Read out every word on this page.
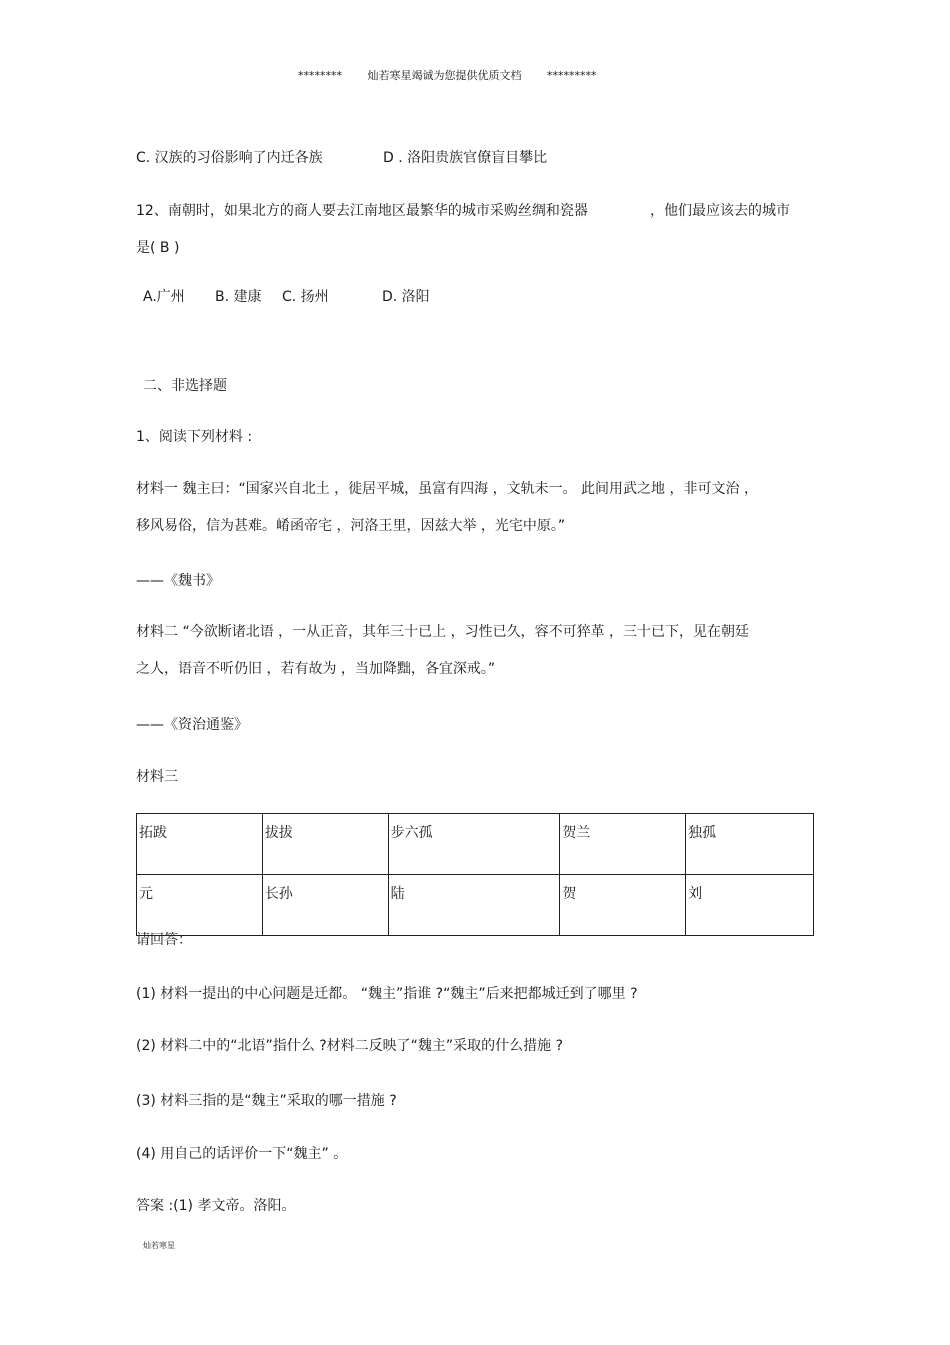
******** 灿若寒星竭诚为您提供优质文档 *********
C. 汉族的习俗影响了内迁各族	D . 洛阳贵族官僚盲目攀比
12、南朝时，如果北方的商人要去江南地区最繁华的城市采购丝绸和瓷器	，他们最应该去的城市
是( B )
A.广州 B. 建康 C. 扬州	D. 洛阳
二、非选择题
1、阅读下列材料 :
材料一 魏主曰：“国家兴自北土 ，徙居平城，虽富有四海 ，文轨未一。 此间用武之地 ，非可文治 ，
移风易俗，信为甚难。崤函帝宅 ，河洛王里，因兹大举 ，光宅中原。”
——《魏书》
材料二 “今欲断诸北语 ，一从正音，其年三十已上 ，习性已久，容不可猝革 ，三十已下，见在朝廷
之人，语音不听仍旧 ，若有故为 ，当加降黜，各宜深戒。”
——《资治通鉴》
材料三
拓跋	拔拔	步六孤	贺兰	独孤
元	长孙	陆	贺	刘
请回答：
(1) 材料一提出的中心问题是迁都。 “魏主”指谁 ?“魏主”后来把都城迁到了哪里 ?
(2) 材料二中的“北语”指什么 ?材料二反映了“魏主”采取的什么措施 ?
(3) 材料三指的是“魏主”采取的哪一措施 ?
(4) 用自己的话评价一下“魏主” 。
答案 :(1) 孝文帝。洛阳。
灿若寒星
